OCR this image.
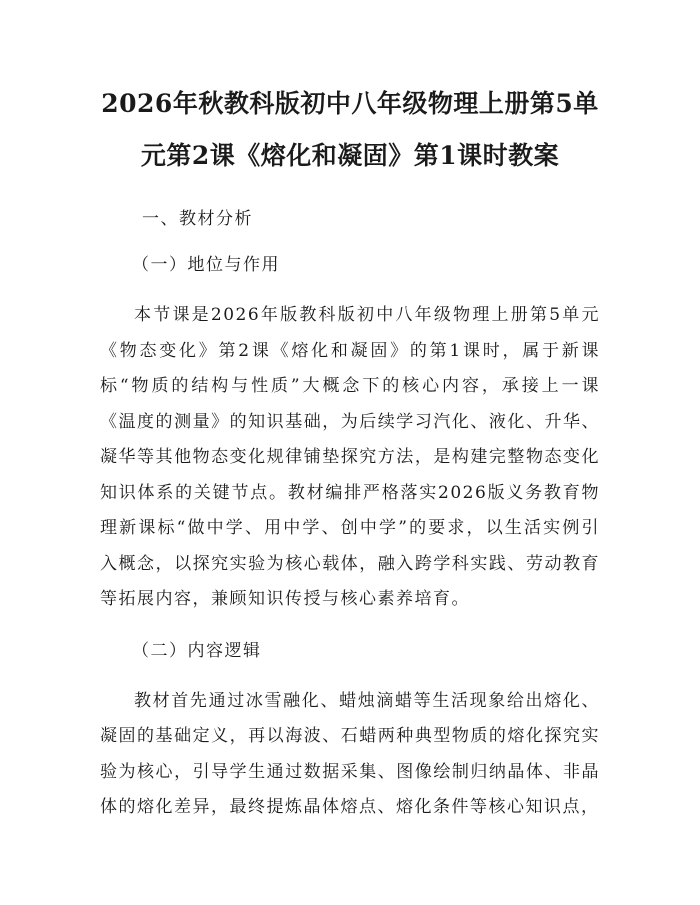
2026年秋教科版初中八年级物理上册第5单元第2课《熔化和凝固》第1课时教案
一、教材分析
（一）地位与作用

本节课是2026年版教科版初中八年级物理上册第5单元《物态变化》第2课《熔化和凝固》的第1课时，属于新课标“物质的结构与性质”大概念下的核心内容，承接上一课《温度的测量》的知识基础，为后续学习汽化、液化、升华、凝华等其他物态变化规律铺垫探究方法，是构建完整物态变化知识体系的关键节点。教材编排严格落实2026版义务教育物理新课标“做中学、用中学、创中学”的要求，以生活实例引入概念，以探究实验为核心载体，融入跨学科实践、劳动教育等拓展内容，兼顾知识传授与核心素养培育。

（二）内容逻辑

教材首先通过冰雪融化、蜡烛滴蜡等生活现象给出熔化、凝固的基础定义，再以海波、石蜡两种典型物质的熔化探究实验为核心，引导学生通过数据采集、图像绘制归纳晶体、非晶体的熔化差异，最终提炼晶体熔点、熔化条件等核心知识点，
